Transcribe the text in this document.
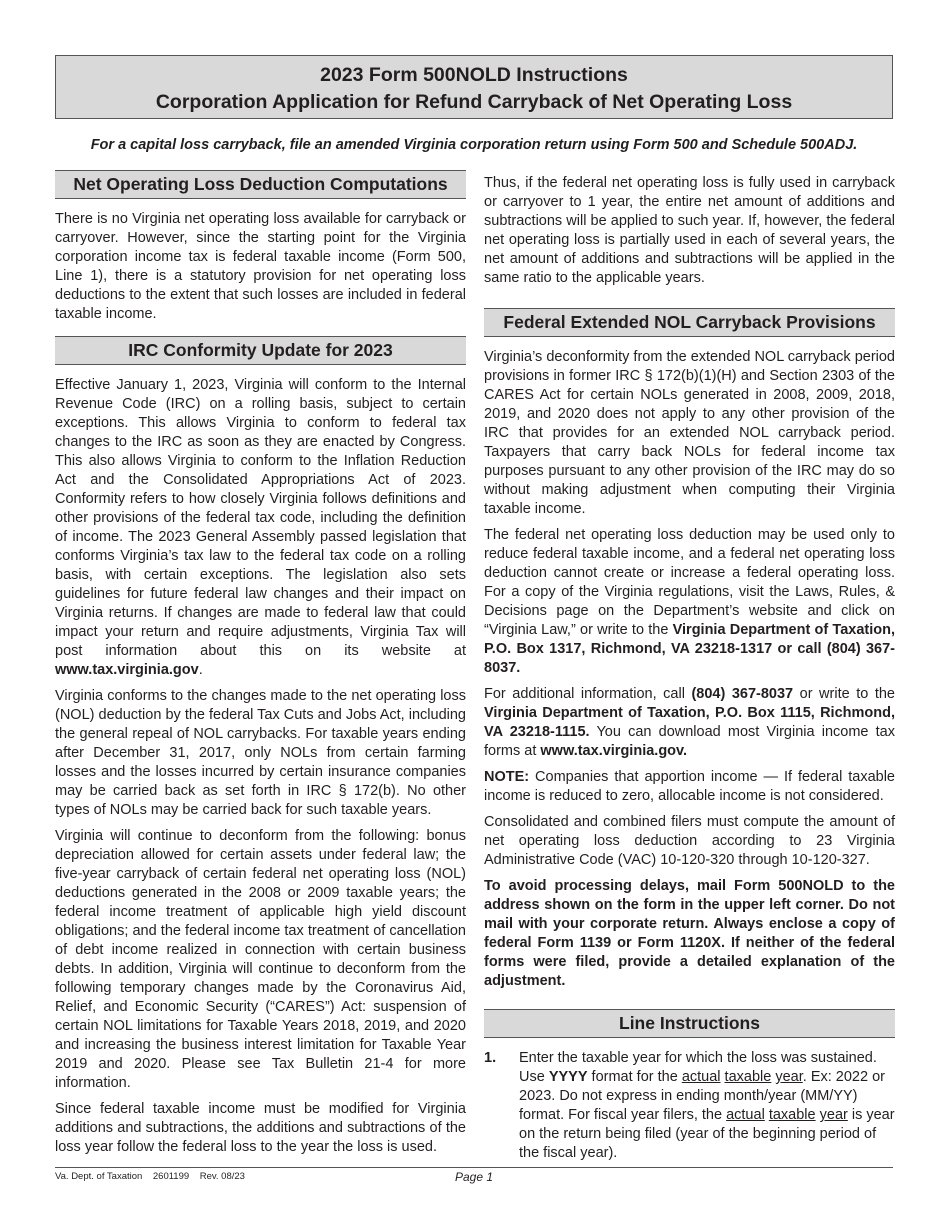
2023 Form 500NOLD Instructions
Corporation Application for Refund Carryback of Net Operating Loss
For a capital loss carryback, file an amended Virginia corporation return using Form 500 and Schedule 500ADJ.
Net Operating Loss Deduction Computations

There is no Virginia net operating loss available for carryback or carryover. However, since the starting point for the Virginia corporation income tax is federal taxable income (Form 500, Line 1), there is a statutory provision for net operating loss deductions to the extent that such losses are included in federal taxable income.

IRC Conformity Update for 2023

Effective January 1, 2023, Virginia will conform to the Internal Revenue Code (IRC) on a rolling basis, subject to certain exceptions. This allows Virginia to conform to federal tax changes to the IRC as soon as they are enacted by Congress. This also allows Virginia to conform to the Inflation Reduction Act and the Consolidated Appropriations Act of 2023. Conformity refers to how closely Virginia follows definitions and other provisions of the federal tax code, including the definition of income. The 2023 General Assembly passed legislation that conforms Virginia’s tax law to the federal tax code on a rolling basis, with certain exceptions. The legislation also sets guidelines for future federal law changes and their impact on Virginia returns. If changes are made to federal law that could impact your return and require adjustments, Virginia Tax will post information about this on its website at www.tax.virginia.gov.

Virginia conforms to the changes made to the net operating loss (NOL) deduction by the federal Tax Cuts and Jobs Act, including the general repeal of NOL carrybacks. For taxable years ending after December 31, 2017, only NOLs from certain farming losses and the losses incurred by certain insurance companies may be carried back as set forth in IRC § 172(b). No other types of NOLs may be carried back for such taxable years.

Virginia will continue to deconform from the following: bonus depreciation allowed for certain assets under federal law; the five-year carryback of certain federal net operating loss (NOL) deductions generated in the 2008 or 2009 taxable years; the federal income treatment of applicable high yield discount obligations; and the federal income tax treatment of cancellation of debt income realized in connection with certain business debts. In addition, Virginia will continue to deconform from the following temporary changes made by the Coronavirus Aid, Relief, and Economic Security (“CARES”) Act: suspension of certain NOL limitations for Taxable Years 2018, 2019, and 2020 and increasing the business interest limitation for Taxable Year 2019 and 2020. Please see Tax Bulletin 21-4 for more information.

Since federal taxable income must be modified for Virginia additions and subtractions, the additions and subtractions of the loss year follow the federal loss to the year the loss is used.

Thus, if the federal net operating loss is fully used in carryback or carryover to 1 year, the entire net amount of additions and subtractions will be applied to such year. If, however, the federal net operating loss is partially used in each of several years, the net amount of additions and subtractions will be applied in the same ratio to the applicable years.

Federal Extended NOL Carryback Provisions

Virginia’s deconformity from the extended NOL carryback period provisions in former IRC § 172(b)(1)(H) and Section 2303 of the CARES Act for certain NOLs generated in 2008, 2009, 2018, 2019, and 2020 does not apply to any other provision of the IRC that provides for an extended NOL carryback period. Taxpayers that carry back NOLs for federal income tax purposes pursuant to any other provision of the IRC may do so without making adjustment when computing their Virginia taxable income.

The federal net operating loss deduction may be used only to reduce federal taxable income, and a federal net operating loss deduction cannot create or increase a federal operating loss. For a copy of the Virginia regulations, visit the Laws, Rules, & Decisions page on the Department’s website and click on “Virginia Law,” or write to the Virginia Department of Taxation, P.O. Box 1317, Richmond, VA 23218-1317 or call (804) 367-8037.

For additional information, call (804) 367-8037 or write to the Virginia Department of Taxation, P.O. Box 1115, Richmond, VA 23218-1115. You can download most Virginia income tax forms at www.tax.virginia.gov.

NOTE: Companies that apportion income — If federal taxable income is reduced to zero, allocable income is not considered.

Consolidated and combined filers must compute the amount of net operating loss deduction according to 23 Virginia Administrative Code (VAC) 10-120-320 through 10-120-327.

To avoid processing delays, mail Form 500NOLD to the address shown on the form in the upper left corner. Do not mail with your corporate return. Always enclose a copy of federal Form 1139 or Form 1120X. If neither of the federal forms were filed, provide a detailed explanation of the adjustment.

Line Instructions
1.	Enter the taxable year for which the loss was sustained. Use YYYY format for the actual taxable year. Ex: 2022 or 2023. Do not express in ending month/year (MM/YY) format. For fiscal year filers, the actual taxable year is year on the return being filed (year of the beginning period of the fiscal year).
Va. Dept. of Taxation    2601199    Rev. 08/23	Page 1
